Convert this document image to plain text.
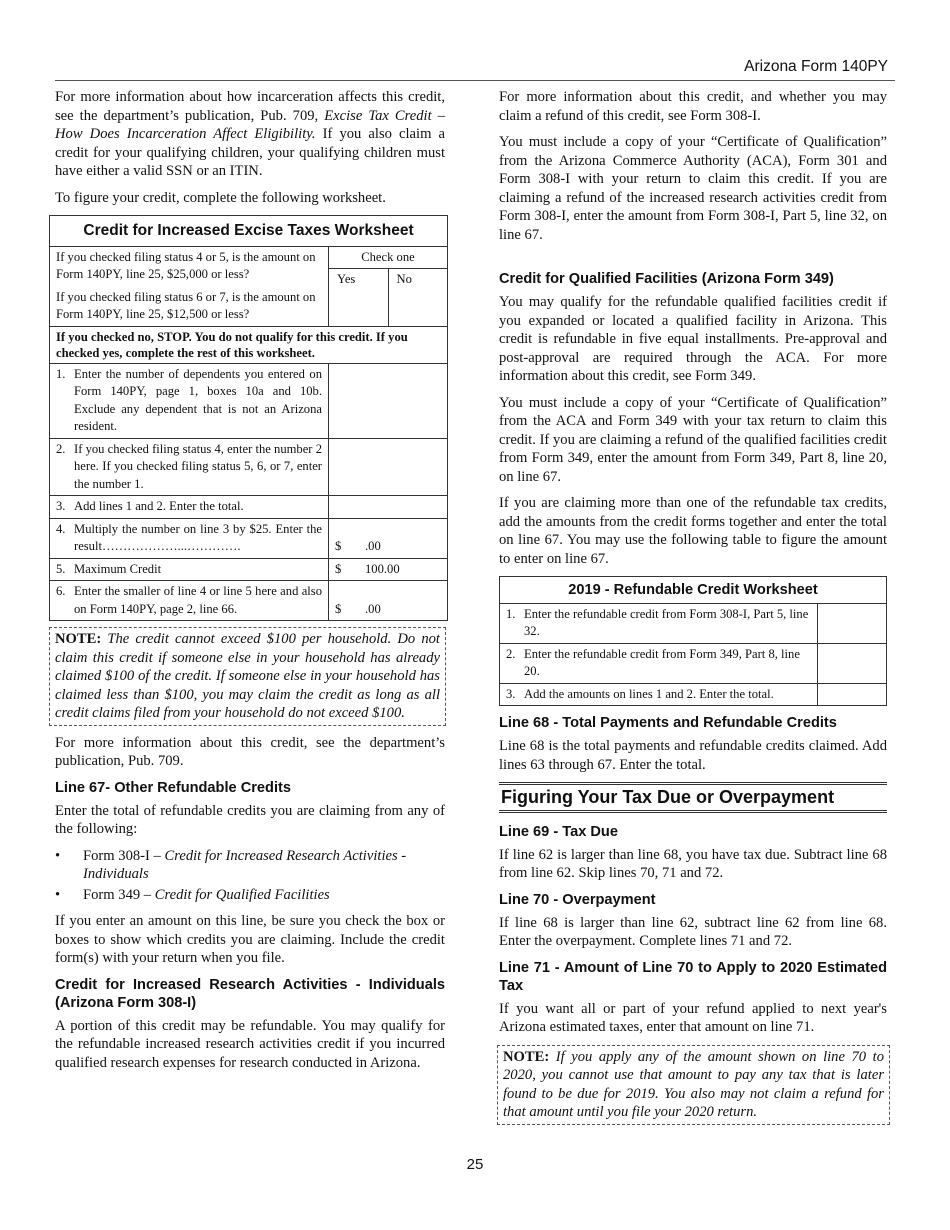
Arizona Form 140PY

For more information about how incarceration affects this credit, see the department’s publication, Pub. 709, Excise Tax Credit – How Does Incarceration Affect Eligibility. If you also claim a credit for your qualifying children, your qualifying children must have either a valid SSN or an ITIN.

To figure your credit, complete the following worksheet.

Credit for Increased Excise Taxes Worksheet
If you checked filing status 4 or 5, is the amount on Form 140PY, line 25, $25,000 or less?
If you checked filing status 6 or 7, is the amount on Form 140PY, line 25, $12,500 or less?
Check one
Yes	No
If you checked no, STOP. You do not qualify for this credit. If you checked yes, complete the rest of this worksheet.
1. Enter the number of dependents you entered on Form 140PY, page 1, boxes 10a and 10b. Exclude any dependent that is not an Arizona resident.
2. If you checked filing status 4, enter the number 2 here. If you checked filing status 5, 6, or 7, enter the number 1.
3. Add lines 1 and 2. Enter the total.
4. Multiply the number on line 3 by $25. Enter the result………………...………….	$	.00
5. Maximum Credit	$	100.00
6. Enter the smaller of line 4 or line 5 here and also on Form 140PY, page 2, line 66.	$	.00
NOTE: The credit cannot exceed $100 per household. Do not claim this credit if someone else in your household has already claimed $100 of the credit. If someone else in your household has claimed less than $100, you may claim the credit as long as all credit claims filed from your household do not exceed $100.

For more information about this credit, see the department’s publication, Pub. 709.

Line 67- Other Refundable Credits

Enter the total of refundable credits you are claiming from any of the following:

•	Form 308-I – Credit for Increased Research Activities - Individuals
•	Form 349 – Credit for Qualified Facilities

If you enter an amount on this line, be sure you check the box or boxes to show which credits you are claiming. Include the credit form(s) with your return when you file.

Credit for Increased Research Activities - Individuals (Arizona Form 308-I)

A portion of this credit may be refundable. You may qualify for the refundable increased research activities credit if you incurred qualified research expenses for research conducted in Arizona.

For more information about this credit, and whether you may claim a refund of this credit, see Form 308-I.

You must include a copy of your “Certificate of Qualification” from the Arizona Commerce Authority (ACA), Form 301 and Form 308-I with your return to claim this credit. If you are claiming a refund of the increased research activities credit from Form 308-I, enter the amount from Form 308-I, Part 5, line 32, on line 67.

Credit for Qualified Facilities (Arizona Form 349)

You may qualify for the refundable qualified facilities credit if you expanded or located a qualified facility in Arizona. This credit is refundable in five equal installments. Pre-approval and post-approval are required through the ACA. For more information about this credit, see Form 349.

You must include a copy of your “Certificate of Qualification” from the ACA and Form 349 with your tax return to claim this credit. If you are claiming a refund of the qualified facilities credit from Form 349, enter the amount from Form 349, Part 8, line 20, on line 67.

If you are claiming more than one of the refundable tax credits, add the amounts from the credit forms together and enter the total on line 67. You may use the following table to figure the amount to enter on line 67.

2019 - Refundable Credit Worksheet
1. Enter the refundable credit from Form 308-I, Part 5, line 32.
2. Enter the refundable credit from Form 349, Part 8, line 20.
3. Add the amounts on lines 1 and 2. Enter the total.
Line 68 - Total Payments and Refundable Credits

Line 68 is the total payments and refundable credits claimed. Add lines 63 through 67. Enter the total.

Figuring Your Tax Due or Overpayment
Line 69 - Tax Due

If line 62 is larger than line 68, you have tax due. Subtract line 68 from line 62. Skip lines 70, 71 and 72.

Line 70 - Overpayment

If line 68 is larger than line 62, subtract line 62 from line 68. Enter the overpayment. Complete lines 71 and 72.

Line 71 - Amount of Line 70 to Apply to 2020 Estimated Tax

If you want all or part of your refund applied to next year's Arizona estimated taxes, enter that amount on line 71.

NOTE: If you apply any of the amount shown on line 70 to 2020, you cannot use that amount to pay any tax that is later found to be due for 2019. You also may not claim a refund for that amount until you file your 2020 return.
25
